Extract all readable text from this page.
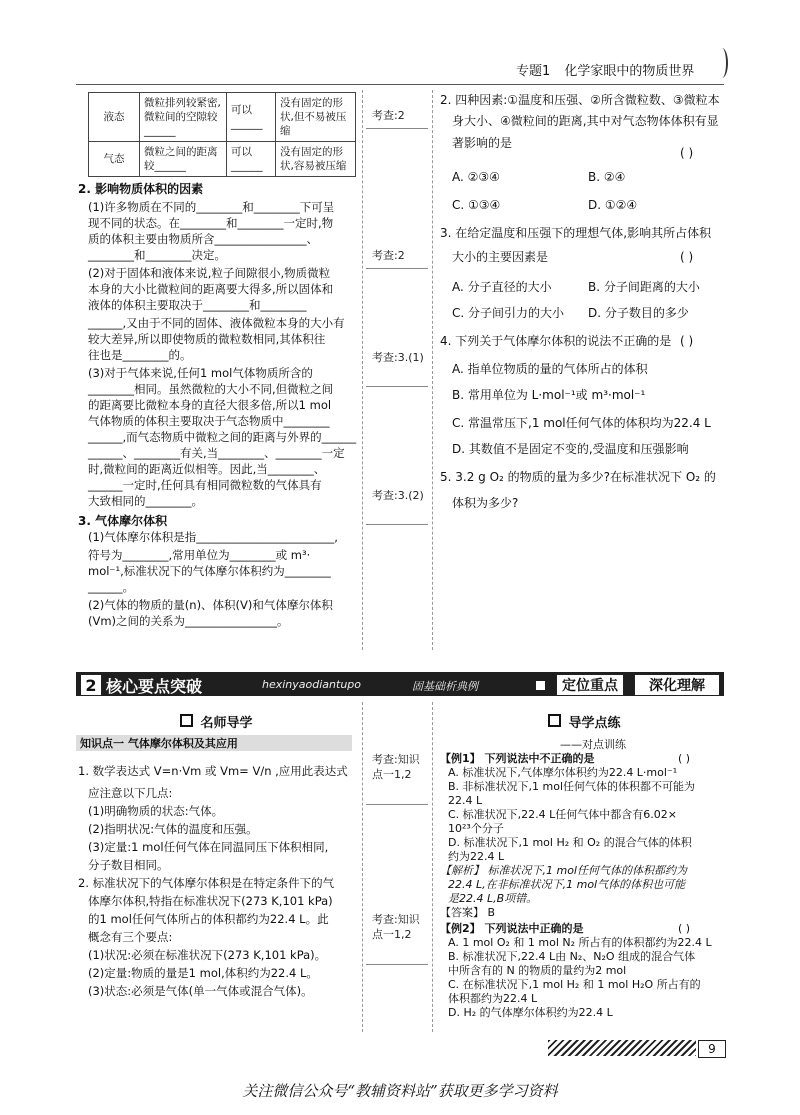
专题1 化学家眼中的物质世界
液态	微粒排列较紧密,微粒间的空隙较______	可以______	没有固定的形状,但不易被压缩
气态	微粒之间的距离较______	可以______	没有固定的形状,容易被压缩
2. 影响物质体积的因素
(1)许多物质在不同的________和________下可呈
现不同的状态。在________和________一定时,物
质的体积主要由物质所含________________、
________和________决定。
(2)对于固体和液体来说,粒子间隙很小,物质微粒
本身的大小比微粒间的距离要大得多,所以固体和
液体的体积主要取决于________和________
______,又由于不同的固体、液体微粒本身的大小有
较大差异,所以即使物质的微粒数相同,其体积往
往也是________的。
(3)对于气体来说,任何1 mol气体物质所含的
________相同。虽然微粒的大小不同,但微粒之间
的距离要比微粒本身的直径大很多倍,所以1 mol
气体物质的体积主要取决于气态物质中________
______,而气态物质中微粒之间的距离与外界的______
______、________有关,当________、________一定
时,微粒间的距离近似相等。因此,当________、
______一定时,任何具有相同微粒数的气体具有
大致相同的________。
3. 气体摩尔体积
(1)气体摩尔体积是指________________________,
符号为________,常用单位为________或 m³·
mol⁻¹,标准状况下的气体摩尔体积约为________
______。
(2)气体的物质的量(n)、体积(V)和气体摩尔体积
(Vm)之间的关系为________________。
考查:2
考查:2
考查:3.(1)
考查:3.(2)
2. 四种因素:①温度和压强、②所含微粒数、③微粒本
身大小、④微粒间的距离,其中对气态物体体积有显
著影响的是
( )
A. ②③④	B. ②④
C. ①③④	D. ①②④
3. 在给定温度和压强下的理想气体,影响其所占体积
大小的主要因素是	( )
A. 分子直径的大小	B. 分子间距离的大小
C. 分子间引力的大小 D. 分子数目的多少
4. 下列关于气体摩尔体积的说法不正确的是 ( )
A. 指单位物质的量的气体所占的体积
B. 常用单位为 L·mol⁻¹或 m³·mol⁻¹
C. 常温常压下,1 mol任何气体的体积均为22.4 L
D. 其数值不是固定不变的,受温度和压强影响
5. 3.2 g O₂ 的物质的量为多少?在标准状况下 O₂ 的
体积为多少?
2 核心要点突破	hexinyaodiantupo	固基础析典例	定位重点	深化理解
名师导学
知识点一 气体摩尔体积及其应用
1. 数学表达式 V=n·Vm 或 Vm= V/n ,应用此表达式
应注意以下几点:
(1)明确物质的状态:气体。
(2)指明状况:气体的温度和压强。
(3)定量:1 mol任何气体在同温同压下体积相同,
分子数目相同。
2. 标准状况下的气体摩尔体积是在特定条件下的气
体摩尔体积,特指在标准状况下(273 K,101 kPa)
的1 mol任何气体所占的体积都约为22.4 L。此
概念有三个要点:
(1)状况:必须在标准状况下(273 K,101 kPa)。
(2)定量:物质的量是1 mol,体积约为22.4 L。
(3)状态:必须是气体(单一气体或混合气体)。
考查:知识点一1,2
考查:知识点一1,2
导学点练
——对点训练
【例1】 下列说法中不正确的是	( )
A. 标准状况下,气体摩尔体积约为22.4 L·mol⁻¹
B. 非标准状况下,1 mol任何气体的体积都不可能为
22.4 L
C. 标准状况下,22.4 L任何气体中都含有6.02×
10²³个分子
D. 标准状况下,1 mol H₂ 和 O₂ 的混合气体的体积
约为22.4 L
【解析】 标准状况下,1 mol任何气体的体积都约为
22.4 L,在非标准状况下,1 mol气体的体积也可能
是22.4 L,B项错。
【答案】 B
【例2】 下列说法中正确的是	( )
A. 1 mol O₂ 和 1 mol N₂ 所占有的体积都约为22.4 L
B. 标准状况下,22.4 L由 N₂、N₂O 组成的混合气体
中所含有的 N 的物质的量约为2 mol
C. 在标准状况下,1 mol H₂ 和 1 mol H₂O 所占有的
体积都约为22.4 L
D. H₂ 的气体摩尔体积约为22.4 L
9
关注微信公众号“教辅资料站”获取更多学习资料
